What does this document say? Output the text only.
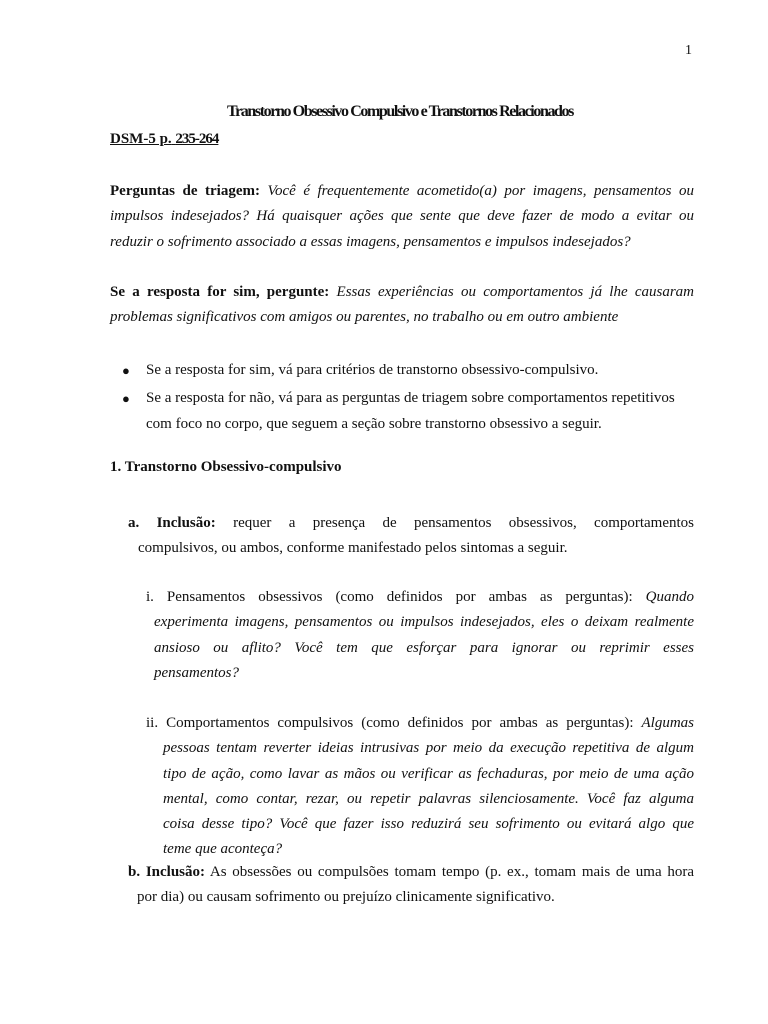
1
Transtorno Obsessivo Compulsivo e Transtornos Relacionados
DSM-5 p. 235-264
Perguntas de triagem: Você é frequentemente acometido(a) por imagens, pensamentos ou
impulsos indesejados? Há quaisquer ações que sente que deve fazer de modo a evitar ou
reduzir o sofrimento associado a essas imagens, pensamentos e impulsos indesejados?
Se a resposta for sim, pergunte: Essas experiências ou comportamentos já lhe causaram
problemas significativos com amigos ou parentes, no trabalho ou em outro ambiente
● Se a resposta for sim, vá para critérios de transtorno obsessivo-compulsivo.
● Se a resposta for não, vá para as perguntas de triagem sobre comportamentos repetitivos
com foco no corpo, que seguem a seção sobre transtorno obsessivo a seguir.
1. Transtorno Obsessivo-compulsivo
a. Inclusão: requer a presença de pensamentos obsessivos, comportamentos
compulsivos, ou ambos, conforme manifestado pelos sintomas a seguir.
i. Pensamentos obsessivos (como definidos por ambas as perguntas): Quando
experimenta imagens, pensamentos ou impulsos indesejados, eles o deixam realmente
ansioso ou aflito? Você tem que esforçar para ignorar ou reprimir esses
pensamentos?
ii. Comportamentos compulsivos (como definidos por ambas as perguntas): Algumas
pessoas tentam reverter ideias intrusivas por meio da execução repetitiva de algum
tipo de ação, como lavar as mãos ou verificar as fechaduras, por meio de uma ação
mental, como contar, rezar, ou repetir palavras silenciosamente. Você faz alguma
coisa desse tipo? Você que fazer isso reduzirá seu sofrimento ou evitará algo que
teme que aconteça?
b. Inclusão: As obsessões ou compulsões tomam tempo (p. ex., tomam mais de uma hora
por dia) ou causam sofrimento ou prejuízo clinicamente significativo.
